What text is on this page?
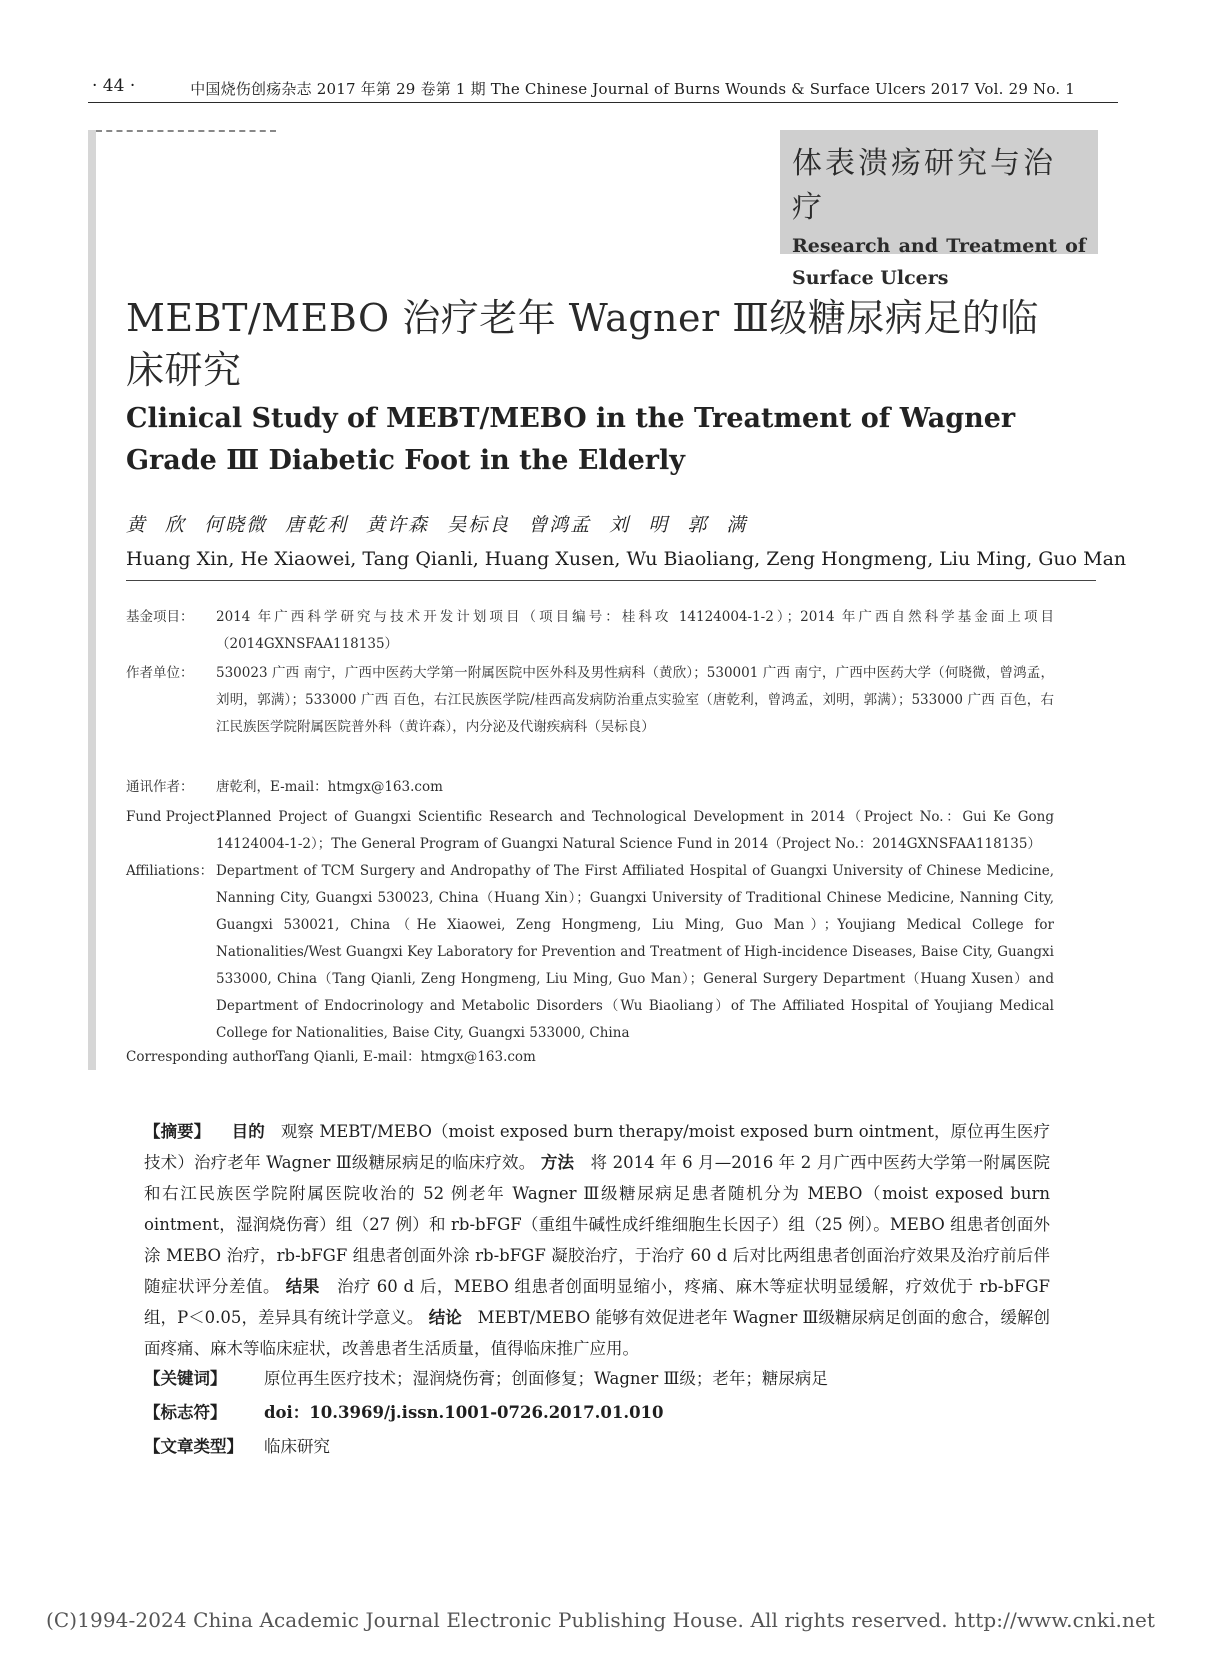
· 44 ·	中国烧伤创疡杂志 2017 年第 29 卷第 1 期 The Chinese Journal of Burns Wounds & Surface Ulcers 2017 Vol. 29 No. 1
体表溃疡研究与治疗
Research and Treatment of
Surface Ulcers
MEBT/MEBO 治疗老年 Wagner Ⅲ级糖尿病足的临床研究
Clinical Study of MEBT/MEBO in the Treatment of Wagner Grade Ⅲ Diabetic Foot in the Elderly
黄 欣 何晓微 唐乾利 黄许森 吴标良 曾鸿孟 刘 明 郭 满
Huang Xin, He Xiaowei, Tang Qianli, Huang Xusen, Wu Biaoliang, Zeng Hongmeng, Liu Ming, Guo Man
基金项目： 2014 年广西科学研究与技术开发计划项目（项目编号：桂科攻 14124004-1-2）；2014 年广西自然科学基金面上项目（2014GXNSFAA118135）
作者单位： 530023 广西 南宁，广西中医药大学第一附属医院中医外科及男性病科（黄欣）；530001 广西 南宁，广西中医药大学（何晓微，曾鸿孟，刘明，郭满）；533000 广西 百色，右江民族医学院/桂西高发病防治重点实验室（唐乾利，曾鸿孟，刘明，郭满）；533000 广西 百色，右江民族医学院附属医院普外科（黄许森），内分泌及代谢疾病科（吴标良）
通讯作者： 唐乾利，E-mail：htmgx@163.com
Fund Project：
Planned Project of Guangxi Scientific Research and Technological Development in 2014（Project No.：Gui Ke Gong 14124004-1-2）；The General Program of Guangxi Natural Science Fund in 2014（Project No.：2014GXNSFAA118135）
Affiliations： Department of TCM Surgery and Andropathy of The First Affiliated Hospital of Guangxi University of Chinese Medicine, Nanning City, Guangxi 530023, China（Huang Xin）；Guangxi University of Traditional Chinese Medicine, Nanning City, Guangxi 530021, China（He Xiaowei, Zeng Hongmeng, Liu Ming, Guo Man）；Youjiang Medical College for Nationalities/West Guangxi Key Laboratory for Prevention and Treatment of High-incidence Diseases, Baise City, Guangxi 533000, China（Tang Qianli, Zeng Hongmeng, Liu Ming, Guo Man）；General Surgery Department（Huang Xusen）and Department of Endocrinology and Metabolic Disorders（Wu Biaoliang）of The Affiliated Hospital of Youjiang Medical College for Nationalities, Baise City, Guangxi 533000, China
Corresponding author：
Tang Qianli, E-mail：htmgx@163.com
【摘要】 目的 观察 MEBT/MEBO（moist exposed burn therapy/moist exposed burn ointment，原位再生医疗技术）治疗老年 Wagner Ⅲ级糖尿病足的临床疗效。 方法 将 2014 年 6 月—2016 年 2 月广西中医药大学第一附属医院和右江民族医学院附属医院收治的 52 例老年 Wagner Ⅲ级糖尿病足患者随机分为 MEBO（moist exposed burn ointment，湿润烧伤膏）组（27 例）和 rb-bFGF（重组牛碱性成纤维细胞生长因子）组（25 例）。MEBO 组患者创面外涂 MEBO 治疗，rb-bFGF 组患者创面外涂 rb-bFGF 凝胶治疗，于治疗 60 d 后对比两组患者创面治疗效果及治疗前后伴随症状评分差值。 结果 治疗 60 d 后，MEBO 组患者创面明显缩小，疼痛、麻木等症状明显缓解，疗效优于 rb-bFGF 组，P＜0.05，差异具有统计学意义。 结论 MEBT/MEBO 能够有效促进老年 Wagner Ⅲ级糖尿病足创面的愈合，缓解创面疼痛、麻木等临床症状，改善患者生活质量，值得临床推广应用。
【关键词】 原位再生医疗技术；湿润烧伤膏；创面修复；Wagner Ⅲ级；老年；糖尿病足
【标志符】 doi：10.3969/j.issn.1001-0726.2017.01.010
【文章类型】 临床研究
(C)1994-2024 China Academic Journal Electronic Publishing House. All rights reserved. http://www.cnki.net
